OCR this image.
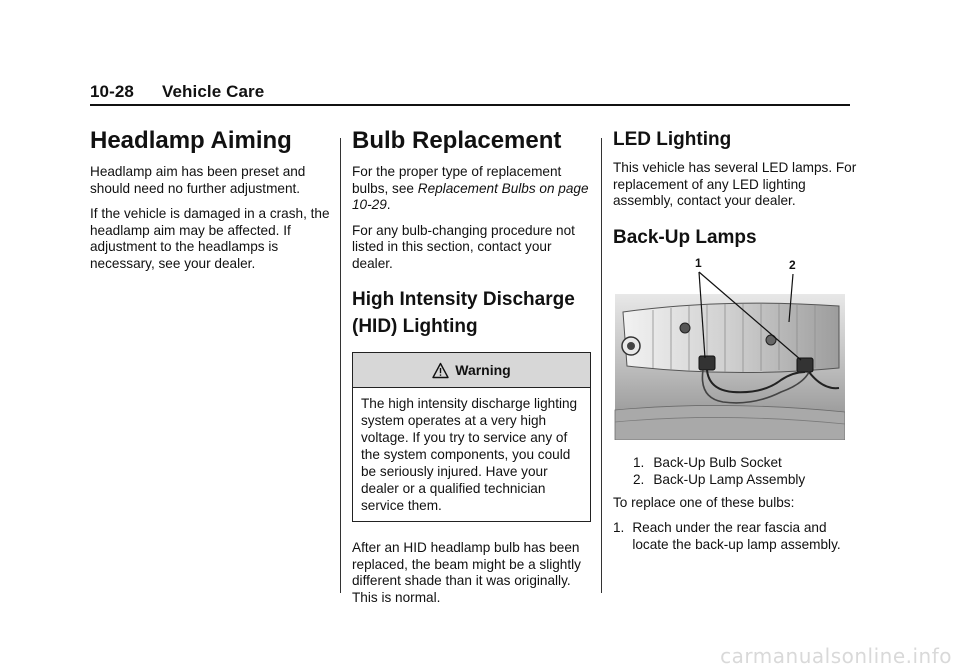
10-28 Vehicle Care
Headlamp Aiming

Headlamp aim has been preset and should need no further adjustment.

If the vehicle is damaged in a crash, the headlamp aim may be affected. If adjustment to the headlamps is necessary, see your dealer.

Bulb Replacement

For the proper type of replacement bulbs, see Replacement Bulbs on page 10-29.

For any bulb-changing procedure not listed in this section, contact your dealer.

High Intensity Discharge (HID) Lighting
Warning
The high intensity discharge lighting system operates at a very high voltage. If you try to service any of the system components, you could be seriously injured. Have your dealer or a qualified technician service them.

After an HID headlamp bulb has been replaced, the beam might be a slightly different shade than it was originally. This is normal.

LED Lighting

This vehicle has several LED lamps. For replacement of any LED lighting assembly, contact your dealer.

Back-Up Lamps
1	2
1. Back-Up Bulb Socket
2. Back-Up Lamp Assembly

To replace one of these bulbs:

1. Reach under the rear fascia and locate the back-up lamp assembly.
carmanualsonline.info
